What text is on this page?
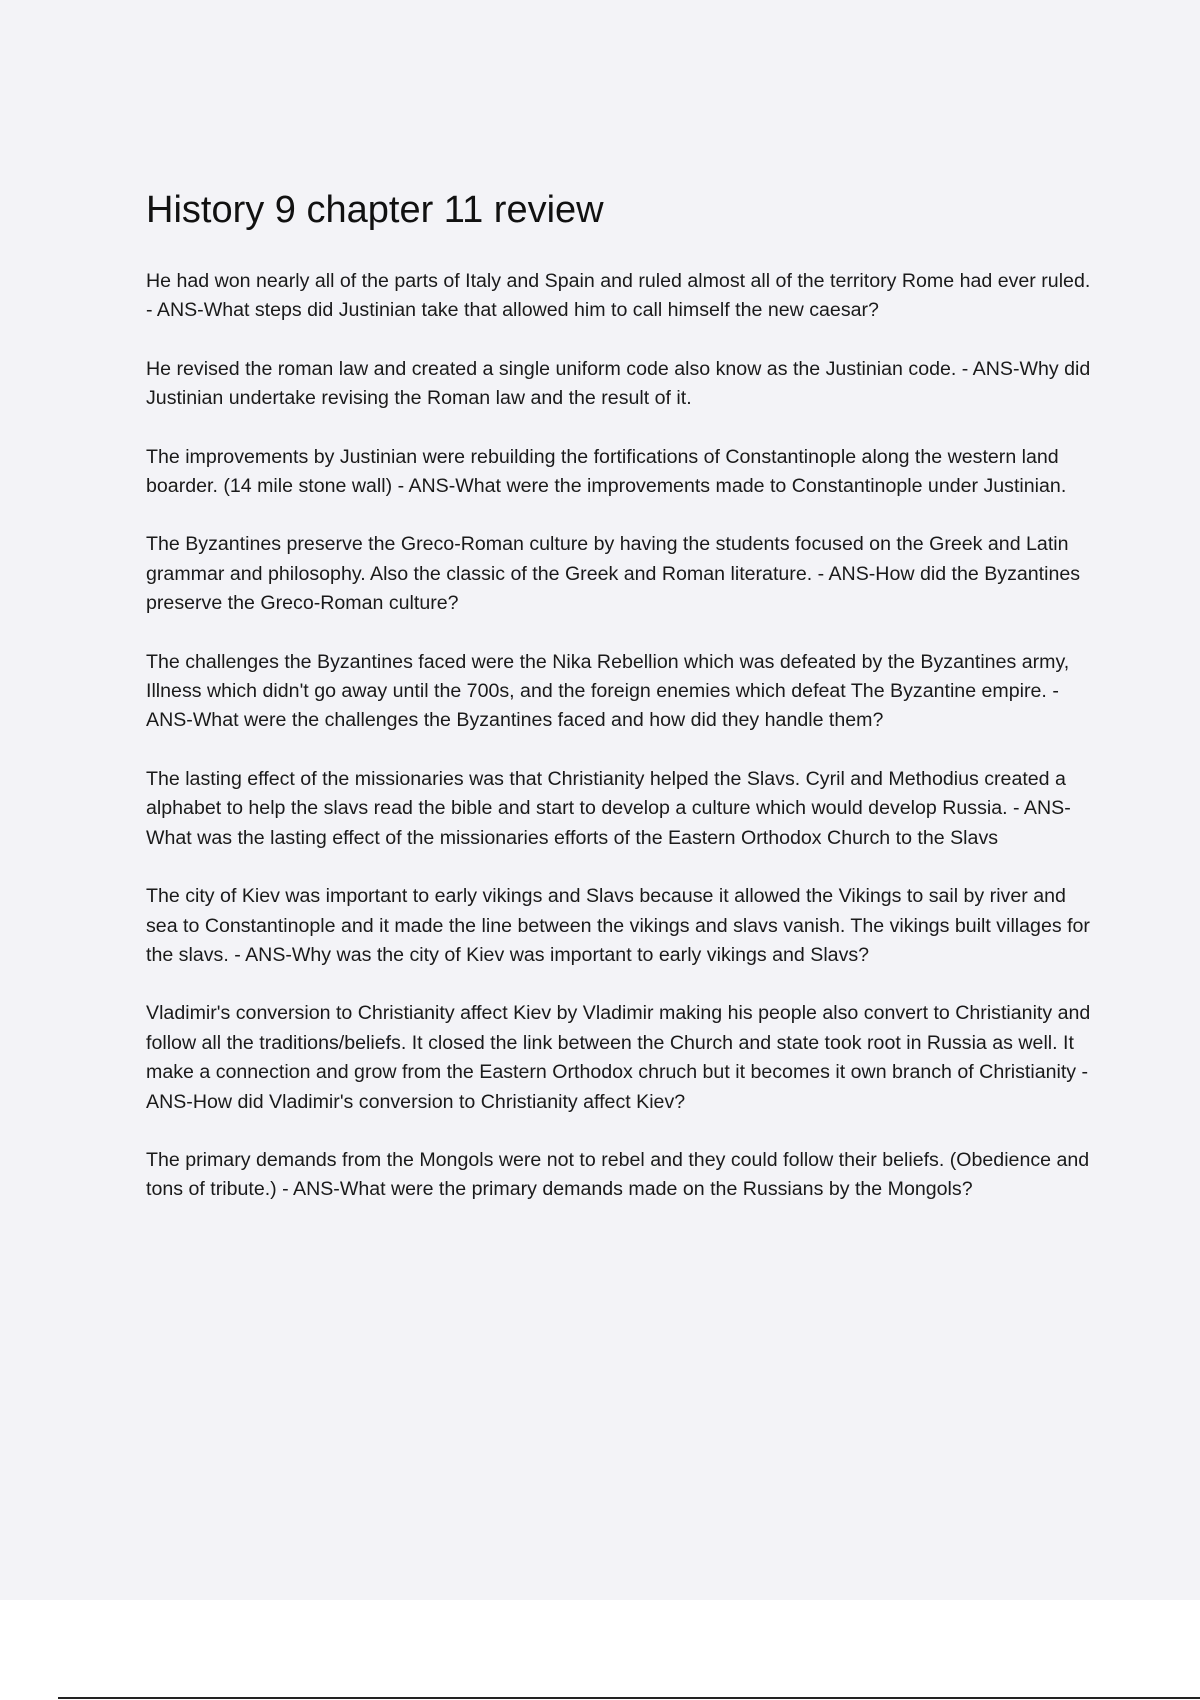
History 9 chapter 11 review

He had won nearly all of the parts of Italy and Spain and ruled almost all of the territory Rome had ever ruled. - ANS-What steps did Justinian take that allowed him to call himself the new caesar?

He revised the roman law and created a single uniform code also know as the Justinian code. - ANS-Why did Justinian undertake revising the Roman law and the result of it.

The improvements by Justinian were rebuilding the fortifications of Constantinople along the western land boarder. (14 mile stone wall) - ANS-What were the improvements made to Constantinople under Justinian.

The Byzantines preserve the Greco-Roman culture by having the students focused on the Greek and Latin grammar and philosophy. Also the classic of the Greek and Roman literature. - ANS-How did the Byzantines preserve the Greco-Roman culture?

The challenges the Byzantines faced were the Nika Rebellion which was defeated by the Byzantines army, Illness which didn't go away until the 700s, and the foreign enemies which defeat The Byzantine empire. - ANS-What were the challenges the Byzantines faced and how did they handle them?

The lasting effect of the missionaries was that Christianity helped the Slavs. Cyril and Methodius created a alphabet to help the slavs read the bible and start to develop a culture which would develop Russia. - ANS-What was the lasting effect of the missionaries efforts of the Eastern Orthodox Church to the Slavs

The city of Kiev was important to early vikings and Slavs because it allowed the Vikings to sail by river and sea to Constantinople and it made the line between the vikings and slavs vanish. The vikings built villages for the slavs. - ANS-Why was the city of Kiev was important to early vikings and Slavs?

Vladimir's conversion to Christianity affect Kiev by Vladimir making his people also convert to Christianity and follow all the traditions/beliefs. It closed the link between the Church and state took root in Russia as well. It make a connection and grow from the Eastern Orthodox chruch but it becomes it own branch of Christianity - ANS-How did Vladimir's conversion to Christianity affect Kiev?

The primary demands from the Mongols were not to rebel and they could follow their beliefs. (Obedience and tons of tribute.) - ANS-What were the primary demands made on the Russians by the Mongols?
